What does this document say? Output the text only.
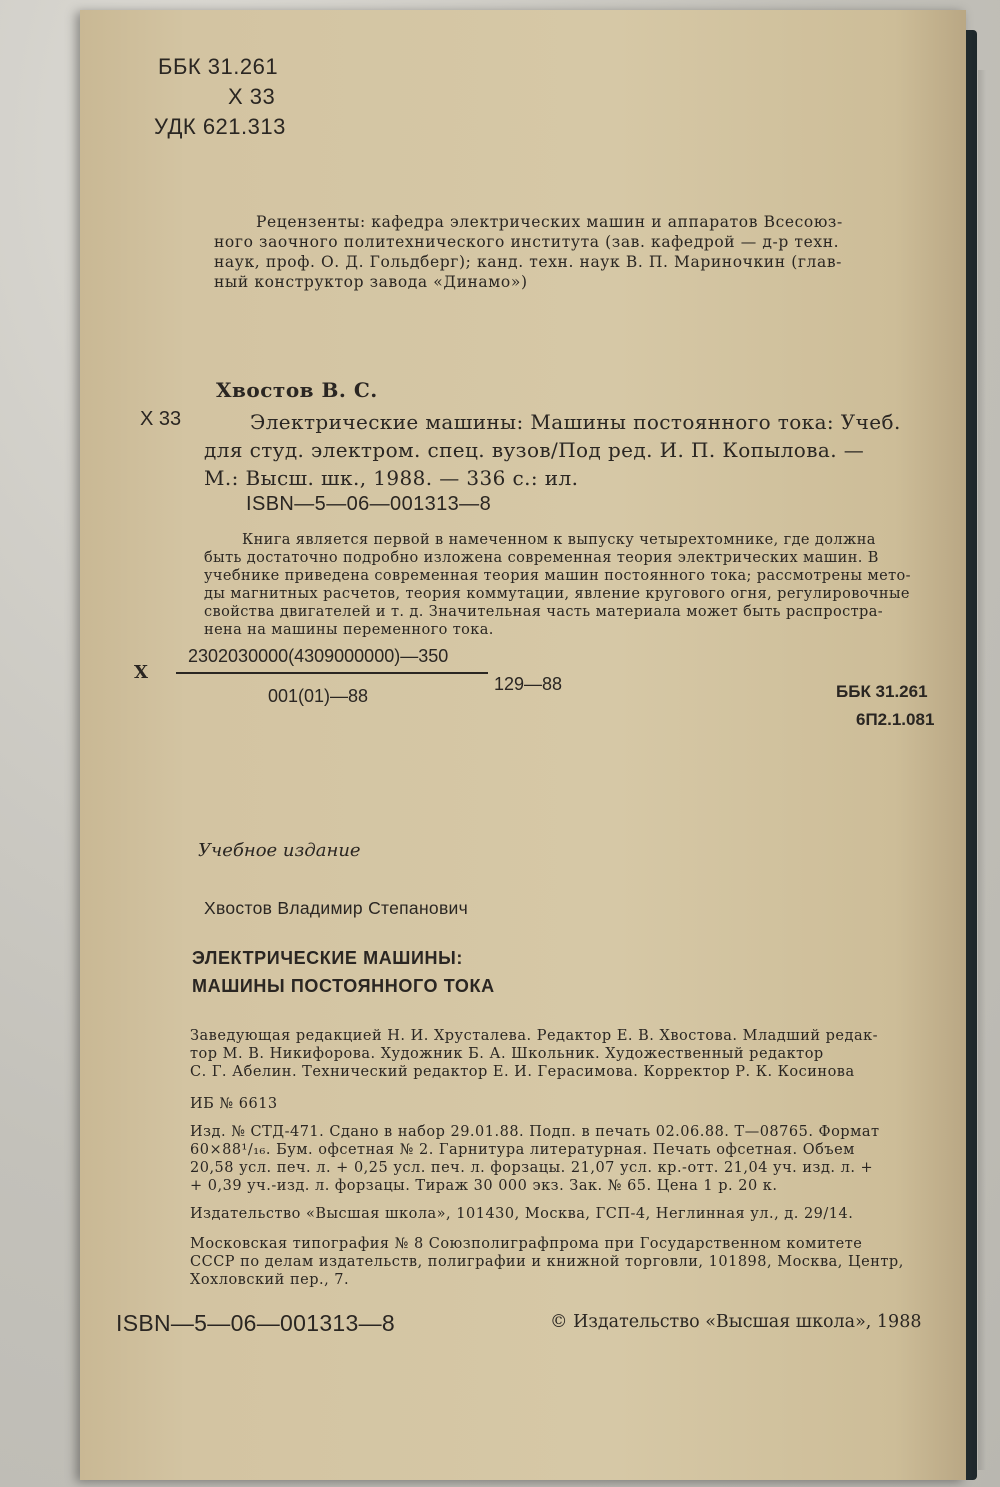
ББК 31.261
Х 33
УДК 621.313
Рецензенты: кафедра электрических машин и аппаратов Всесоюз-
ного заочного политехнического института (зав. кафедрой — д-р техн.
наук, проф. О. Д. Гольдберг); канд. техн. наук В. П. Мариночкин (глав-
ный конструктор завода «Динамо»)
Хвостов В. С.
Х 33	Электрические машины: Машины постоянного тока: Учеб.
для студ. электром. спец. вузов/Под ред. И. П. Копылова. —
М.: Высш. шк., 1988. — 336 с.: ил.
ISBN—5—06—001313—8
Книга является первой в намеченном к выпуску четырехтомнике, где должна
быть достаточно подробно изложена современная теория электрических машин. В
учебнике приведена современная теория машин постоянного тока; рассмотрены мето-
ды магнитных расчетов, теория коммутации, явление кругового огня, регулировочные
свойства двигателей и т. д. Значительная часть материала может быть распростра-
нена на машины переменного тока.
Х
2302030000(4309000000)—350
001(01)—88
129—88	ББК 31.261
6П2.1.081
Учебное издание
Хвостов Владимир Степанович
ЭЛЕКТРИЧЕСКИЕ МАШИНЫ:
МАШИНЫ ПОСТОЯННОГО ТОКА
Заведующая редакцией Н. И. Хрусталева. Редактор Е. В. Хвостова. Младший редак-
тор М. В. Никифорова. Художник Б. А. Школьник. Художественный редактор
С. Г. Абелин. Технический редактор Е. И. Герасимова. Корректор Р. К. Косинова
ИБ № 6613
Изд. № СТД-471. Сдано в набор 29.01.88. Подп. в печать 02.06.88. Т—08765. Формат
60×88¹/₁₆. Бум. офсетная № 2. Гарнитура литературная. Печать офсетная. Объем
20,58 усл. печ. л. + 0,25 усл. печ. л. форзацы. 21,07 усл. кр.-отт. 21,04 уч. изд. л. +
+ 0,39 уч.-изд. л. форзацы. Тираж 30 000 экз. Зак. № 65. Цена 1 р. 20 к.
Издательство «Высшая школа», 101430, Москва, ГСП-4, Неглинная ул., д. 29/14.
Московская типография № 8 Союзполиграфпрома при Государственном комитете
СССР по делам издательств, полиграфии и книжной торговли, 101898, Москва, Центр,
Хохловский пер., 7.
ISBN—5—06—001313—8	© Издательство «Высшая школа», 1988
